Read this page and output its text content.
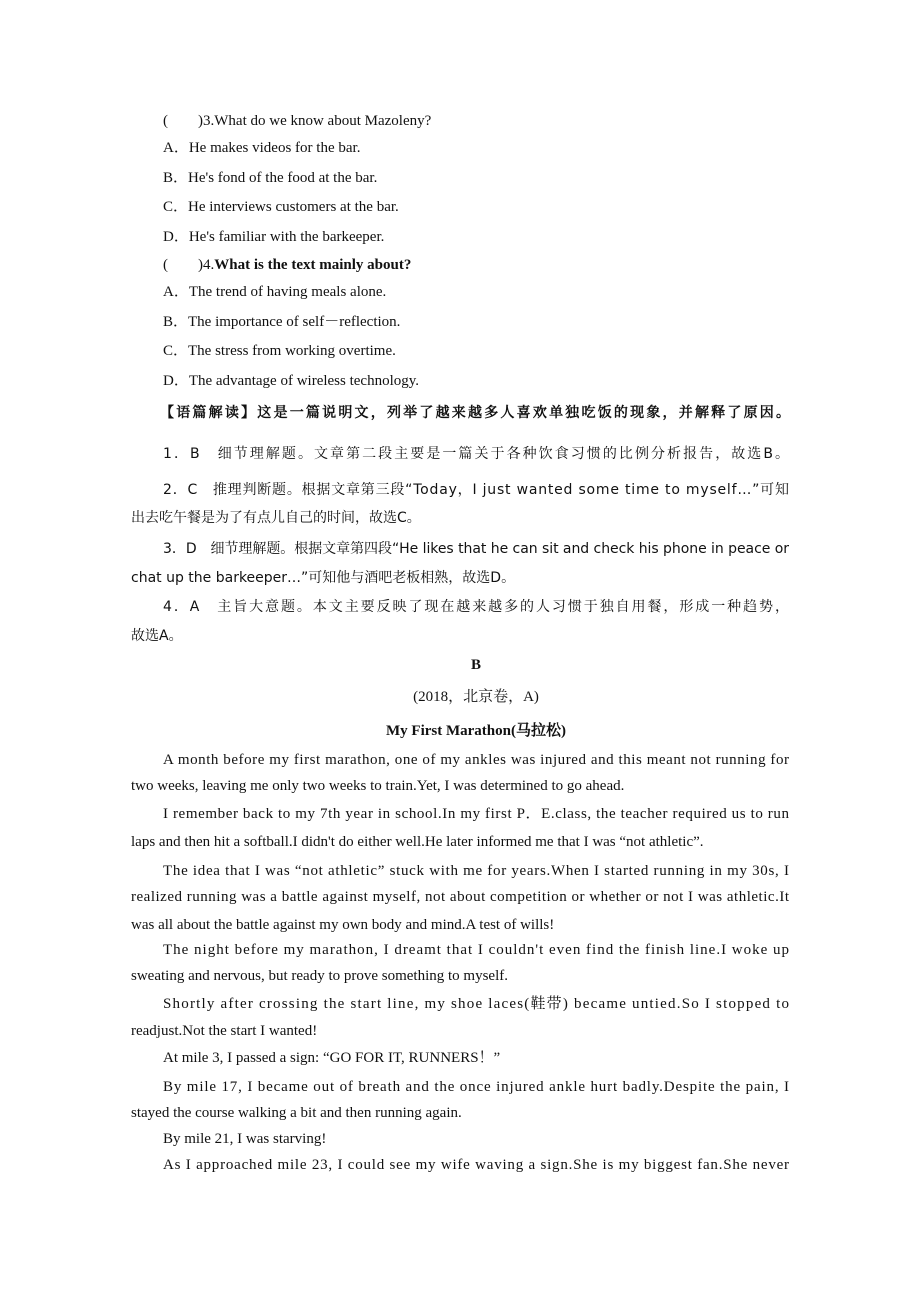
(　　)3.What do we know about Mazoleny?
A．He makes videos for the bar.
B．He's fond of the food at the bar.
C．He interviews customers at the bar.
D．He's familiar with the barkeeper.
(　　)4.What is the text mainly about?
A．The trend of having meals alone.
B．The importance of self－reflection.
C．The stress from working overtime.
D．The advantage of wireless technology.
【语篇解读】这是一篇说明文，列举了越来越多人喜欢单独吃饭的现象，并解释了原因。
1．B　细节理解题。文章第二段主要是一篇关于各种饮食习惯的比例分析报告，故选B。
2．C　推理判断题。根据文章第三段“Today，I just wanted some time to myself…”可知
出去吃午餐是为了有点儿自己的时间，故选C。
3．D　细节理解题。根据文章第四段“He likes that he can sit and check his phone in peace or
chat up the barkeeper…”可知他与酒吧老板相熟，故选D。
4．A　主旨大意题。本文主要反映了现在越来越多的人习惯于独自用餐，形成一种趋势，
故选A。
B
(2018，北京卷，A)
My First Marathon(马拉松)
A month before my first marathon, one of my ankles was injured and this meant not running for
two weeks, leaving me only two weeks to train.Yet, I was determined to go ahead.
I remember back to my 7th year in school.In my first P．E.class, the teacher required us to run
laps and then hit a softball.I didn't do either well.He later informed me that I was “not athletic”.
The idea that I was “not athletic” stuck with me for years.When I started running in my 30s, I
realized running was a battle against myself, not about competition or whether or not I was athletic.It
was all about the battle against my own body and mind.A test of wills!
The night before my marathon, I dreamt that I couldn't even find the finish line.I woke up
sweating and nervous, but ready to prove something to myself.
Shortly after crossing the start line, my shoe laces(鞋带) became untied.So I stopped to
readjust.Not the start I wanted!
At mile 3, I passed a sign: “GO FOR IT, RUNNERS！”
By mile 17, I became out of breath and the once injured ankle hurt badly.Despite the pain, I
stayed the course walking a bit and then running again.
By mile 21, I was starving!
As I approached mile 23, I could see my wife waving a sign.She is my biggest fan.She never
